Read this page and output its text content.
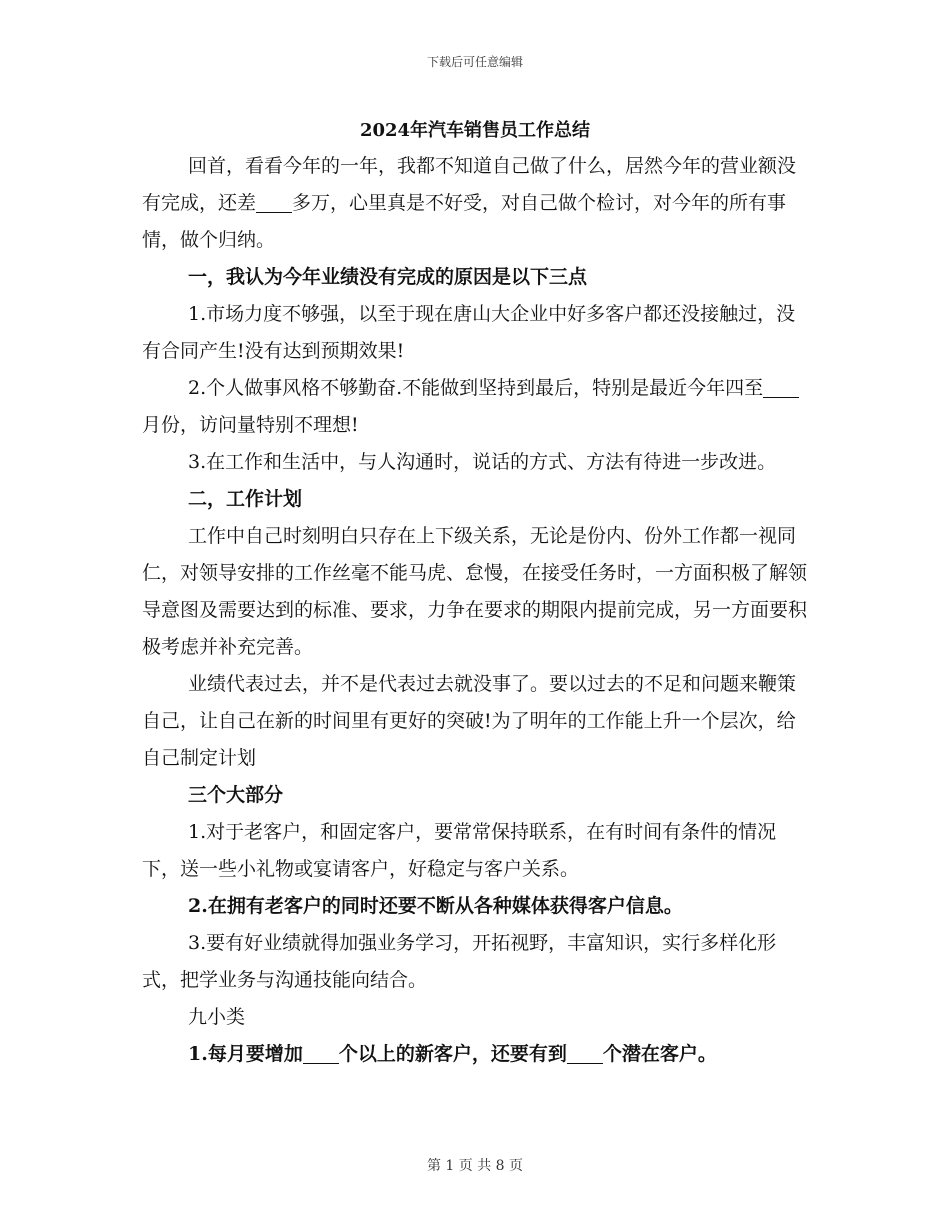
下载后可任意编辑
2024年汽车销售员工作总结

回首，看看今年的一年，我都不知道自己做了什么，居然今年的营业额没有完成，还差 多万，心里真是不好受，对自己做个检讨，对今年的所有事情，做个归纳。

一，我认为今年业绩没有完成的原因是以下三点

1.市场力度不够强，以至于现在唐山大企业中好多客户都还没接触过，没有合同产生!没有达到预期效果!

2.个人做事风格不够勤奋.不能做到坚持到最后，特别是最近今年四至月份，访问量特别不理想!

3.在工作和生活中，与人沟通时，说话的方式、方法有待进一步改进。

二，工作计划

工作中自己时刻明白只存在上下级关系，无论是份内、份外工作都一视同仁，对领导安排的工作丝毫不能马虎、怠慢，在接受任务时，一方面积极了解领导意图及需要达到的标准、要求，力争在要求的期限内提前完成，另一方面要积极考虑并补充完善。

业绩代表过去，并不是代表过去就没事了。要以过去的不足和问题来鞭策自己，让自己在新的时间里有更好的突破!为了明年的工作能上升一个层次，给自己制定计划

三个大部分

1.对于老客户，和固定客户，要常常保持联系，在有时间有条件的情况下，送一些小礼物或宴请客户，好稳定与客户关系。

2.在拥有老客户的同时还要不断从各种媒体获得客户信息。

3.要有好业绩就得加强业务学习，开拓视野，丰富知识，实行多样化形式，把学业务与沟通技能向结合。

九小类

1.每月要增加 个以上的新客户，还要有到 个潜在客户。

第 1 页 共 8 页
